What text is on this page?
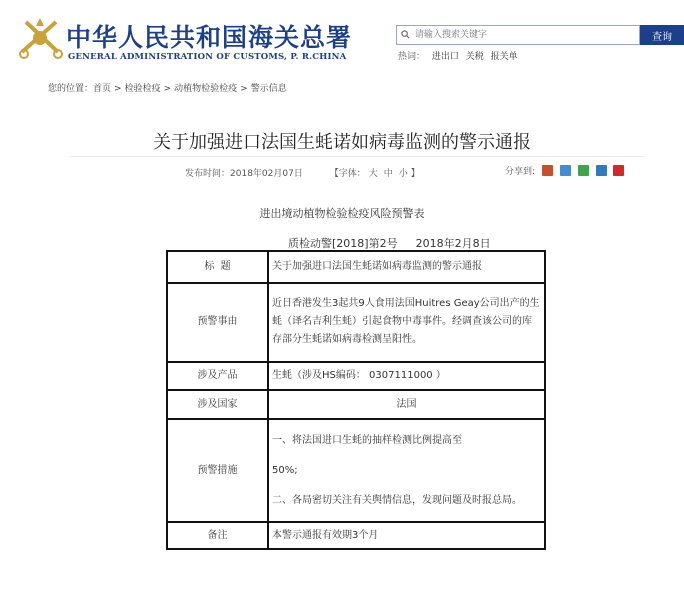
中华人民共和国海关总署
GENERAL ADMINISTRATION OF CUSTOMS, P. R.CHINA
请输入搜索关键字
查询
热词： 进出口 关税 报关单
您的位置：首页 > 检验检疫 > 动植物检验检疫 > 警示信息
关于加强进口法国生蚝诺如病毒监测的警示通报
发布时间：2018年02月07日	【字体： 大 中 小 】	分享到:
进出境动植物检验检疫风险预警表
质检动警[2018]第2号 2018年2月8日
标  题	关于加强进口法国生蚝诺如病毒监测的警示通报
预警事由	近日香港发生3起共9人食用法国Huitres Geay公司出产的生蚝（译名吉利生蚝）引起食物中毒事件。经调查该公司的库存部分生蚝诺如病毒检测呈阳性。
涉及产品	生蚝（涉及HS编码： 0307111000 ）
涉及国家	法国
预警措施	一、将法国进口生蚝的抽样检测比例提高至

50%;

二、各局密切关注有关舆情信息，发现问题及时报总局。

备注	本警示通报有效期3个月
